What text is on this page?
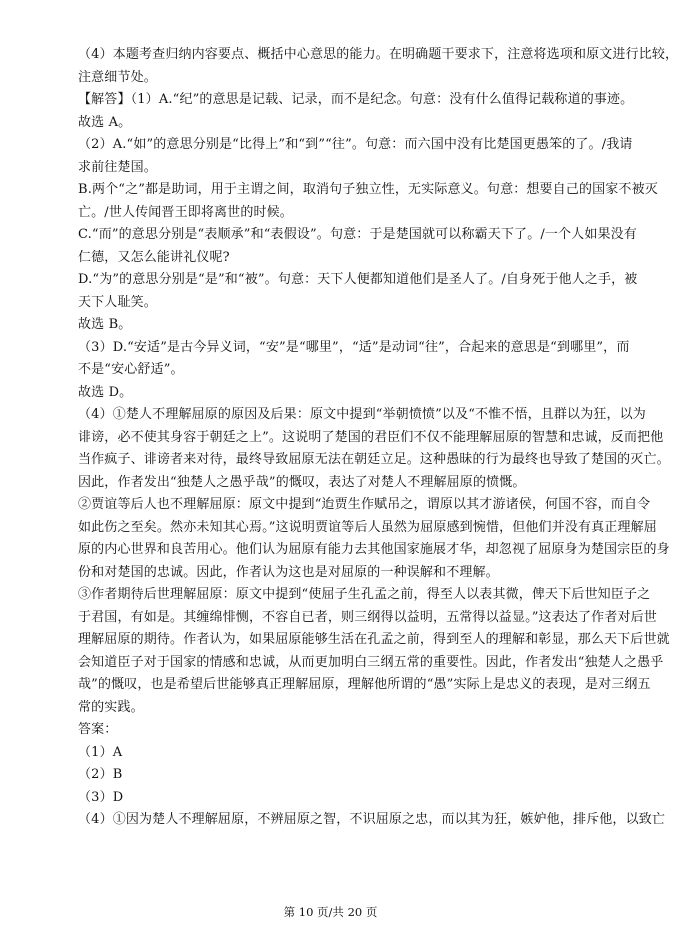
（4）本题考查归纳内容要点、概括中心意思的能力。在明确题干要求下，注意将选项和原文进行比较，
注意细节处。
【解答】（1）A.“纪”的意思是记载、记录，而不是纪念。句意：没有什么值得记载称道的事迹。
故选 A。
（2）A.“如”的意思分别是“比得上”和“到”“往”。句意：而六国中没有比楚国更愚笨的了。/我请
求前往楚国。
B.两个“之”都是助词，用于主谓之间，取消句子独立性，无实际意义。句意：想要自己的国家不被灭
亡。/世人传闻晋王即将离世的时候。
C.“而”的意思分别是“表顺承”和“表假设”。句意：于是楚国就可以称霸天下了。/一个人如果没有
仁德，又怎么能讲礼仪呢?
D.“为”的意思分别是“是”和“被”。句意：天下人便都知道他们是圣人了。/自身死于他人之手，被
天下人耻笑。
故选 B。
（3）D.“安适”是古今异义词，“安”是“哪里”，“适”是动词“往”，合起来的意思是“到哪里”，而
不是“安心舒适”。
故选 D。
（4）①楚人不理解屈原的原因及后果：原文中提到“举朝愤愤”以及“不惟不悟，且群以为狂，以为
诽谤，必不使其身容于朝廷之上”。这说明了楚国的君臣们不仅不能理解屈原的智慧和忠诚，反而把他
当作疯子、诽谤者来对待，最终导致屈原无法在朝廷立足。这种愚昧的行为最终也导致了楚国的灭亡。
因此，作者发出“独楚人之愚乎哉”的慨叹，表达了对楚人不理解屈原的愤慨。
②贾谊等后人也不理解屈原：原文中提到“迨贾生作赋吊之，谓原以其才游诸侯，何国不容，而自令
如此伤之至矣。然亦未知其心焉。”这说明贾谊等后人虽然为屈原感到惋惜，但他们并没有真正理解屈
原的内心世界和良苦用心。他们认为屈原有能力去其他国家施展才华，却忽视了屈原身为楚国宗臣的身
份和对楚国的忠诚。因此，作者认为这也是对屈原的一种误解和不理解。
③作者期待后世理解屈原：原文中提到“使屈子生孔孟之前，得至人以表其微，俾天下后世知臣子之
于君国，有如是。其缠绵悱恻，不容自已者，则三纲得以益明，五常得以益显。”这表达了作者对后世
理解屈原的期待。作者认为，如果屈原能够生活在孔孟之前，得到至人的理解和彰显，那么天下后世就
会知道臣子对于国家的情感和忠诚，从而更加明白三纲五常的重要性。因此，作者发出“独楚人之愚乎
哉”的慨叹，也是希望后世能够真正理解屈原，理解他所谓的“愚”实际上是忠义的表现，是对三纲五
常的实践。
答案：
（1）A
（2）B
（3）D
（4）①因为楚人不理解屈原，不辨屈原之智，不识屈原之忠，而以其为狂，嫉妒他，排斥他，以致亡
第 10 页/共 20 页
